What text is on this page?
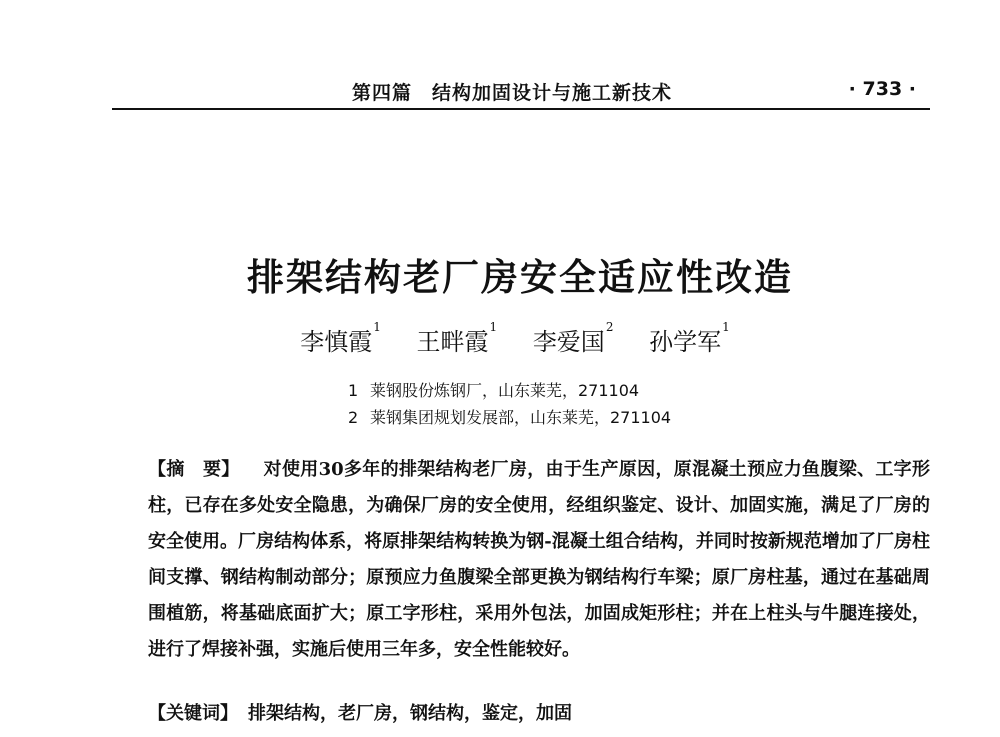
第四篇　结构加固设计与施工新技术	· 733 ·
排架结构老厂房安全适应性改造
李慎霞$^1$ 王畔霞$^1$ 李爱国$^2$ 孙学军$^1$
1 莱钢股份炼钢厂，山东莱芜，271104
2 莱钢集团规划发展部，山东莱芜，271104
【摘　要】 对使用30多年的排架结构老厂房，由于生产原因，原混凝土预应力鱼腹梁、工字形柱，已存在多处安全隐患，为确保厂房的安全使用，经组织鉴定、设计、加固实施，满足了厂房的安全使用。厂房结构体系，将原排架结构转换为钢-混凝土组合结构，并同时按新规范增加了厂房柱间支撑、钢结构制动部分；原预应力鱼腹梁全部更换为钢结构行车梁；原厂房柱基，通过在基础周围植筋，将基础底面扩大；原工字形柱，采用外包法，加固成矩形柱；并在上柱头与牛腿连接处，进行了焊接补强，实施后使用三年多，安全性能较好。
【关键词】 排架结构，老厂房，钢结构，鉴定，加固
